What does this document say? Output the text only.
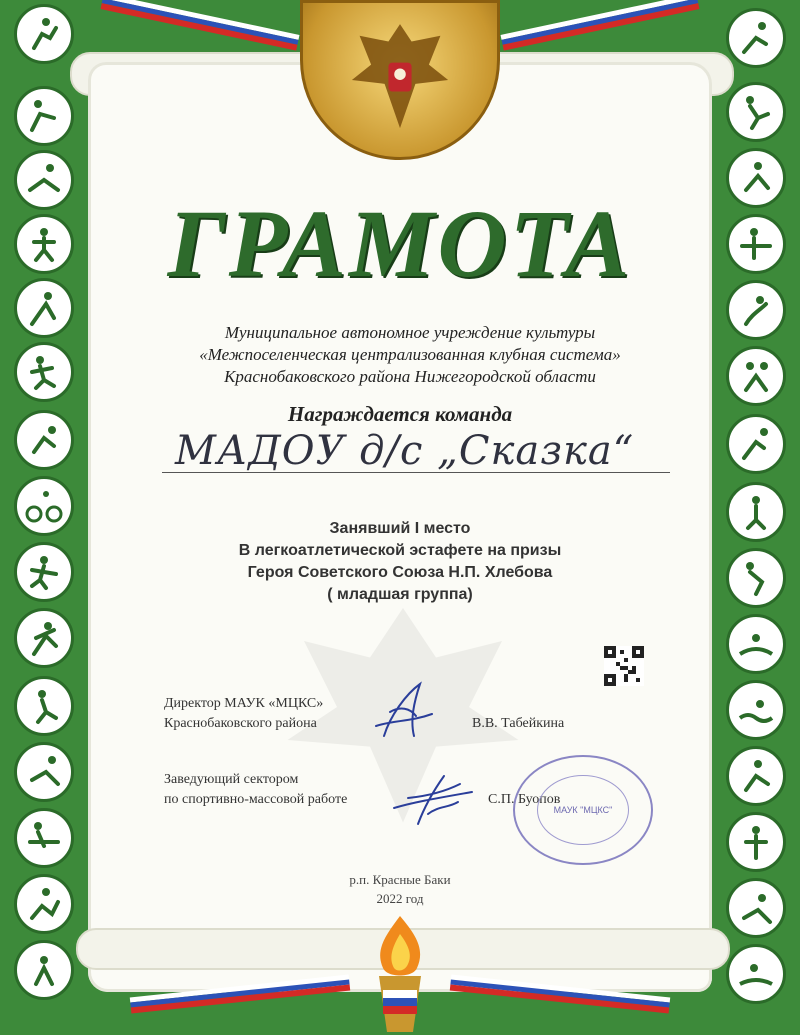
ГРАМОТА
Муниципальное автономное учреждение культуры
«Межпоселенческая централизованная клубная система»
Краснобаковского района Нижегородской области
Награждается команда
МАДОУ д/с „Сказка“
Занявший I место
В легкоатлетической эстафете на призы
Героя Советского Союза Н.П. Хлебова
( младшая группа)
Директор МАУК «МЦКС»
Краснобаковского района	В.В. Табейкина
Заведующий сектором
по спортивно-массовой работе	С.П. Буопов
МАУК "МЦКС"
р.п. Красные Баки
2022 год
